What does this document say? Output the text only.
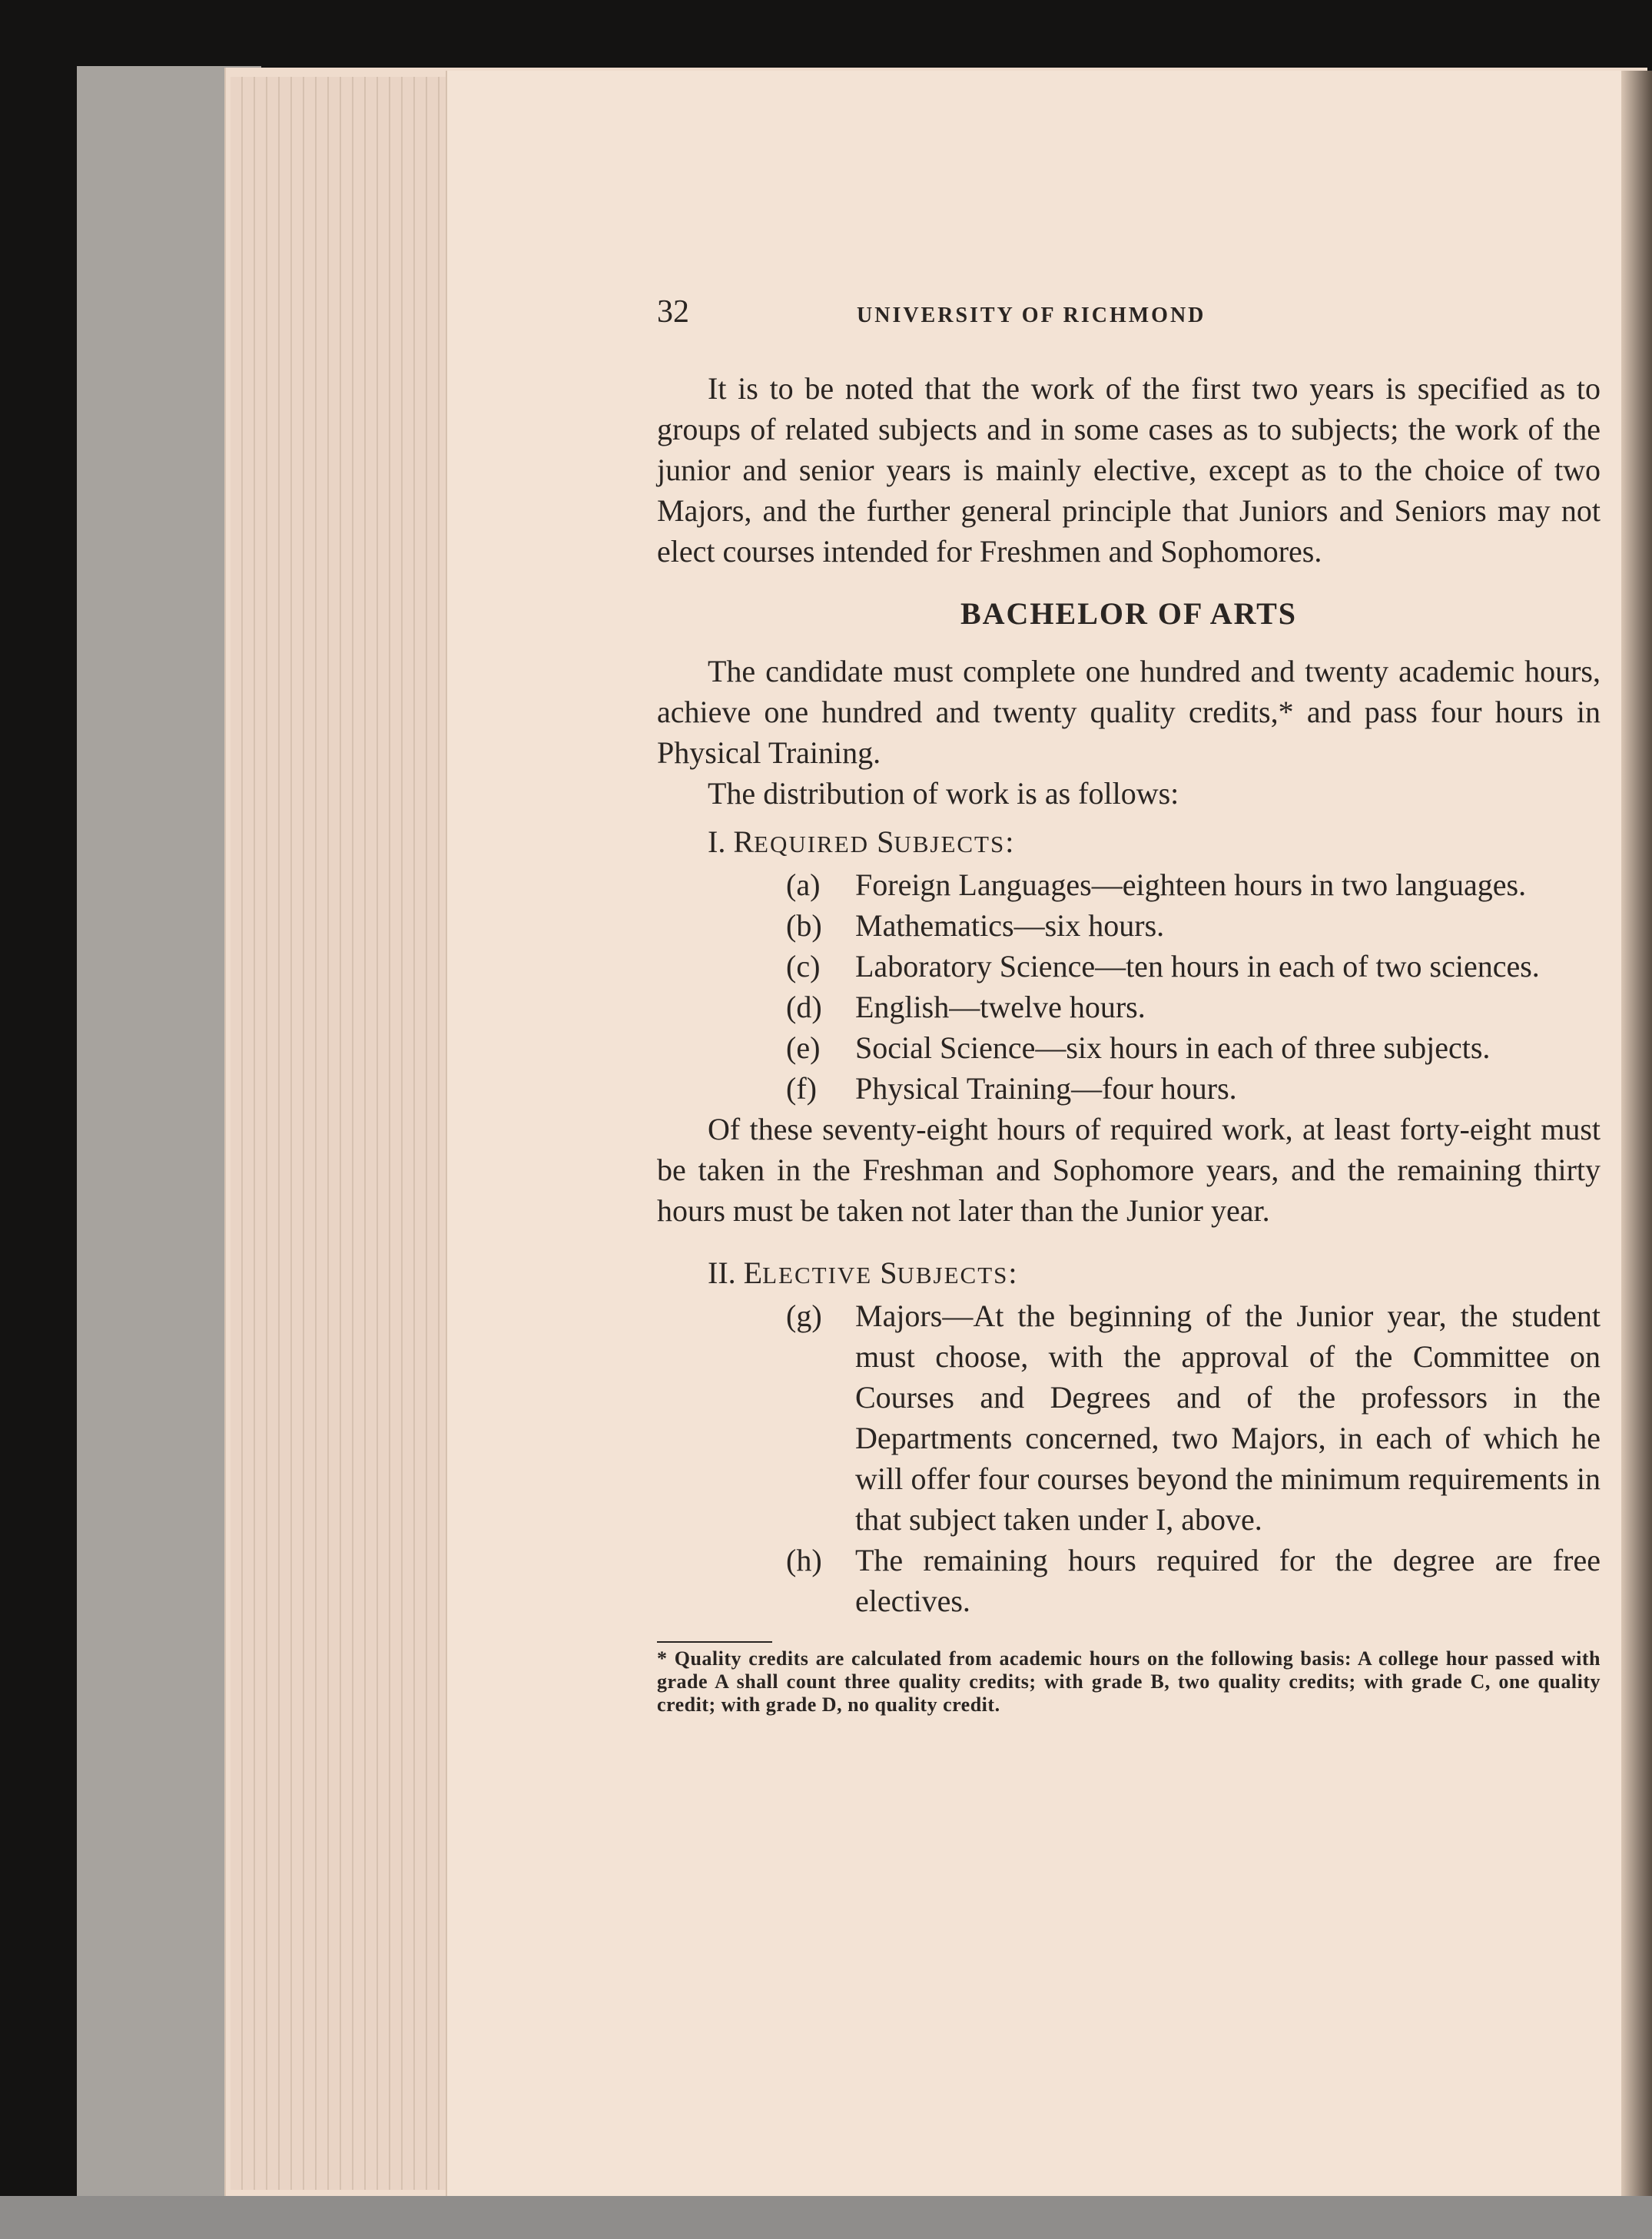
32	UNIVERSITY OF RICHMOND

It is to be noted that the work of the first two years is specified as to groups of related subjects and in some cases as to subjects; the work of the junior and senior years is mainly elective, except as to the choice of two Majors, and the further general principle that Juniors and Seniors may not elect courses intended for Freshmen and Sophomores.

BACHELOR OF ARTS

The candidate must complete one hundred and twenty academic hours, achieve one hundred and twenty quality credits,* and pass four hours in Physical Training.

The distribution of work is as follows:

I. REQUIRED SUBJECTS:
(a)	Foreign Languages—eighteen hours in two languages.
(b)	Mathematics—six hours.
(c)	Laboratory Science—ten hours in each of two sciences.
(d)	English—twelve hours.
(e)	Social Science—six hours in each of three subjects.
(f)	Physical Training—four hours.

Of these seventy-eight hours of required work, at least forty-eight must be taken in the Freshman and Sophomore years, and the remaining thirty hours must be taken not later than the Junior year.

II. ELECTIVE SUBJECTS:
(g)	Majors—At the beginning of the Junior year, the student must choose, with the approval of the Committee on Courses and Degrees and of the professors in the Departments concerned, two Majors, in each of which he will offer four courses beyond the minimum requirements in that subject taken under I, above.
(h)	The remaining hours required for the degree are free electives.

* Quality credits are calculated from academic hours on the following basis: A college hour passed with grade A shall count three quality credits; with grade B, two quality credits; with grade C, one quality credit; with grade D, no quality credit.
